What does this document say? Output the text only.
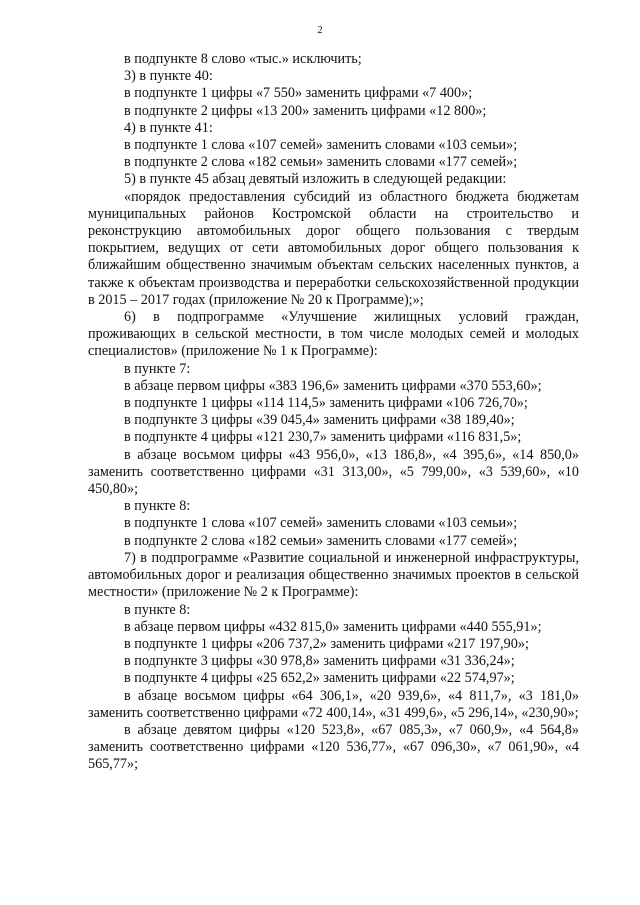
2

в подпункте 8 слово «тыс.» исключить;

3) в пункте 40:

в подпункте 1 цифры «7 550» заменить цифрами «7 400»;

в подпункте 2 цифры «13 200» заменить цифрами «12 800»;

4) в пункте 41:

в подпункте 1 слова «107 семей» заменить словами «103 семьи»;

в подпункте 2 слова «182 семьи» заменить словами «177 семей»;

5) в пункте 45 абзац девятый изложить в следующей редакции:

«порядок предоставления субсидий из областного бюджета бюджетам муниципальных районов Костромской области на строительство и реконструкцию автомобильных дорог общего пользования с твердым покрытием, ведущих от сети автомобильных дорог общего пользования к ближайшим общественно значимым объектам сельских населенных пунктов, а также к объектам производства и переработки сельскохозяйственной продукции в 2015 – 2017 годах (приложение № 20 к Программе);»;

6) в подпрограмме «Улучшение жилищных условий граждан, проживающих в сельской местности, в том числе молодых семей и молодых специалистов» (приложение № 1 к Программе):

в пункте 7:

в абзаце первом цифры «383 196,6» заменить цифрами «370 553,60»;

в подпункте 1 цифры «114 114,5» заменить цифрами «106 726,70»;

в подпункте 3 цифры «39 045,4» заменить цифрами «38 189,40»;

в подпункте 4 цифры «121 230,7» заменить цифрами «116 831,5»;

в абзаце восьмом цифры «43 956,0», «13 186,8», «4 395,6», «14 850,0» заменить соответственно цифрами «31 313,00», «5 799,00», «3 539,60», «10 450,80»;

в пункте 8:

в подпункте 1 слова «107 семей» заменить словами «103 семьи»;

в подпункте 2 слова «182 семьи» заменить словами «177 семей»;

7) в подпрограмме «Развитие социальной и инженерной инфраструктуры, автомобильных дорог и реализация общественно значимых проектов в сельской местности» (приложение № 2 к Программе):

в пункте 8:

в абзаце первом цифры «432 815,0» заменить цифрами «440 555,91»;

в подпункте 1 цифры «206 737,2» заменить цифрами «217 197,90»;

в подпункте 3 цифры «30 978,8» заменить цифрами «31 336,24»;

в подпункте 4 цифры «25 652,2» заменить цифрами «22 574,97»;

в абзаце восьмом цифры «64 306,1», «20 939,6», «4 811,7», «3 181,0» заменить соответственно цифрами «72 400,14», «31 499,6», «5 296,14», «230,90»;

в абзаце девятом цифры «120 523,8», «67 085,3», «7 060,9», «4 564,8» заменить соответственно цифрами «120 536,77», «67 096,30», «7 061,90», «4 565,77»;
